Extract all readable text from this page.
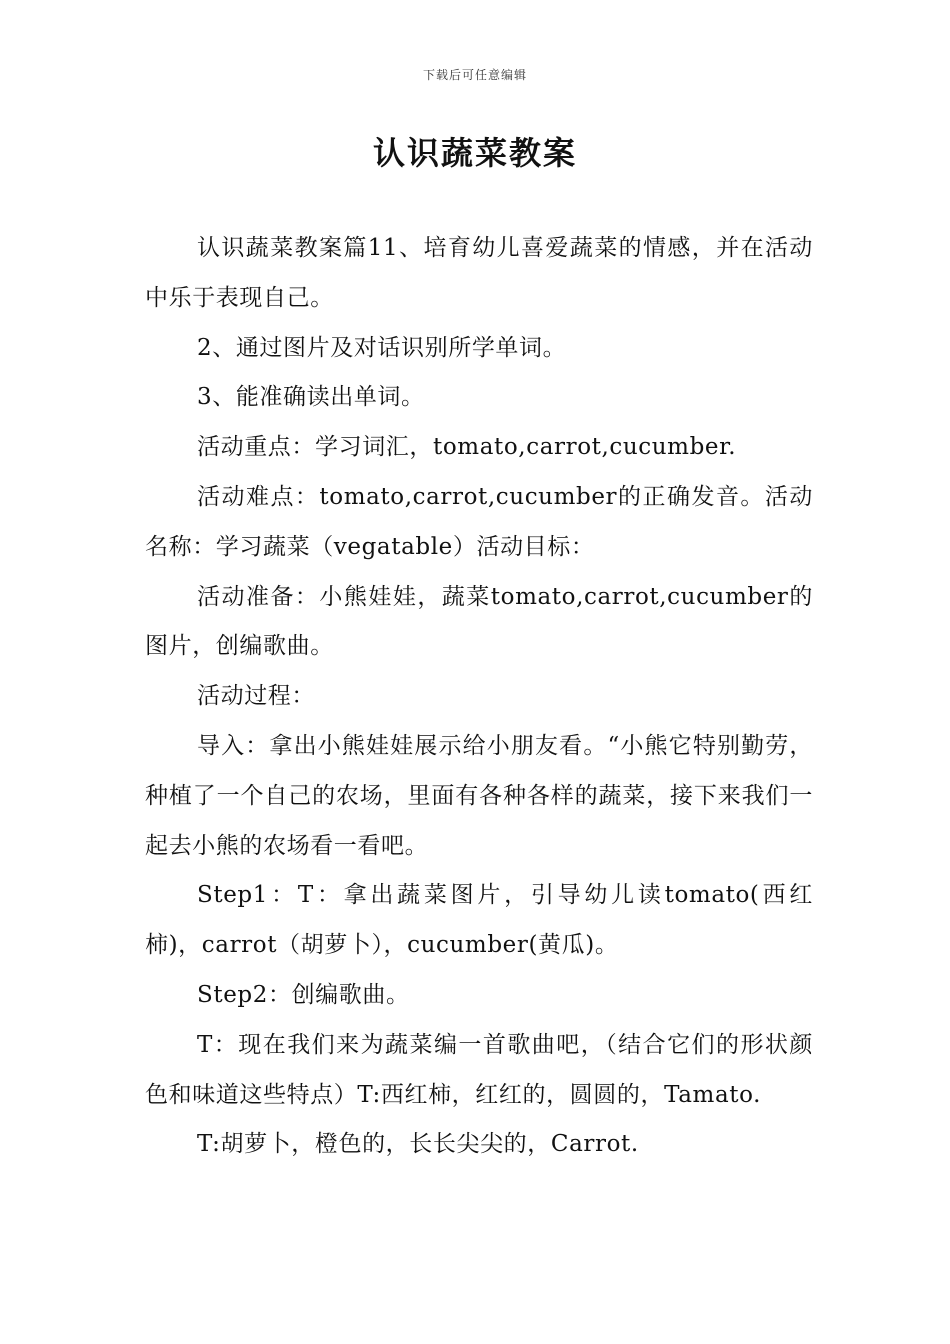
下载后可任意编辑
认识蔬菜教案

认识蔬菜教案篇11、培育幼儿喜爱蔬菜的情感，并在活动中乐于表现自己。

2、通过图片及对话识别所学单词。

3、能准确读出单词。

活动重点：学习词汇，tomato,carrot,cucumber.

活动难点：tomato,carrot,cucumber的正确发音。活动名称：学习蔬菜（vegatable）活动目标：

活动准备：小熊娃娃，蔬菜tomato,carrot,cucumber的图片，创编歌曲。

活动过程：

导入：拿出小熊娃娃展示给小朋友看。“小熊它特别勤劳，种植了一个自己的农场，里面有各种各样的蔬菜，接下来我们一起去小熊的农场看一看吧。

Step1：T：拿出蔬菜图片，引导幼儿读tomato(西红柿)，carrot（胡萝卜），cucumber(黄瓜)。

Step2：创编歌曲。

T：现在我们来为蔬菜编一首歌曲吧，（结合它们的形状颜色和味道这些特点）T:西红柿，红红的，圆圆的，Tamato.

T:胡萝卜，橙色的，长长尖尖的，Carrot.
